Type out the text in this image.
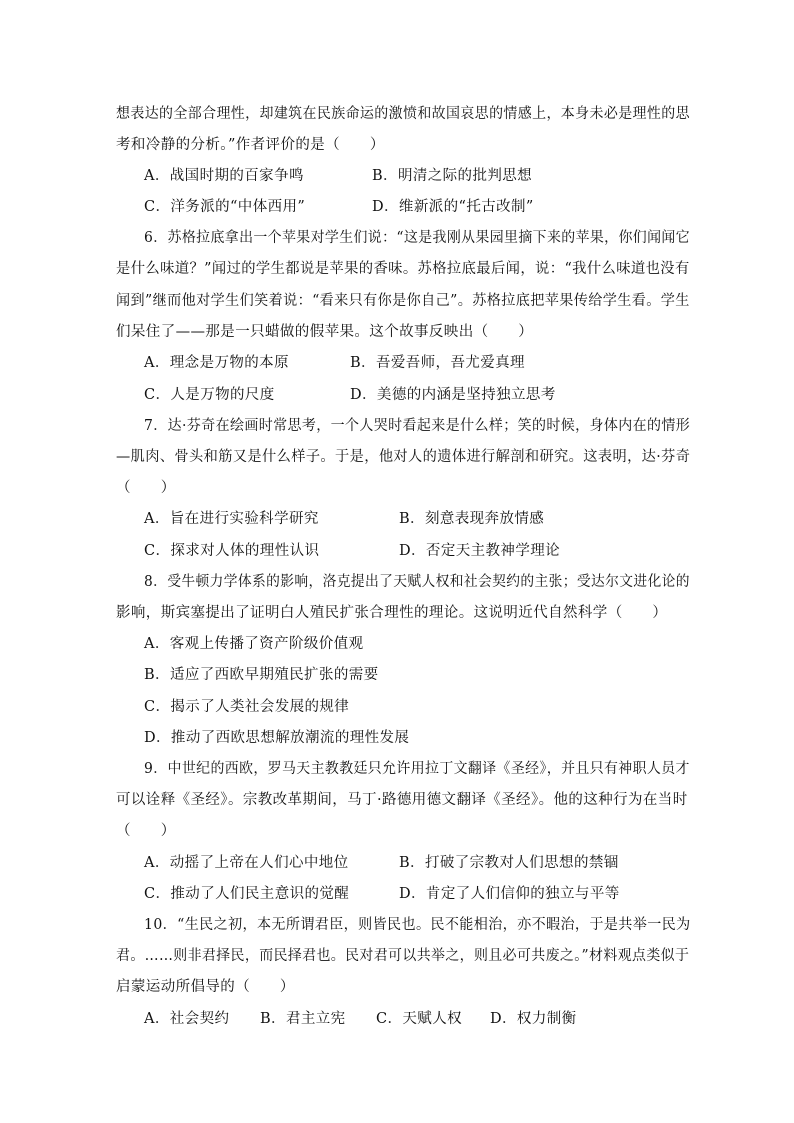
想表达的全部合理性，却建筑在民族命运的激愤和故国哀思的情感上，本身未必是理性的思
考和冷静的分析。”作者评价的是（　　）
A．战国时期的百家争鸣	B．明清之际的批判思想
C．洋务派的“中体西用”	D．维新派的“托古改制”
6．苏格拉底拿出一个苹果对学生们说：“这是我刚从果园里摘下来的苹果，你们闻闻它
是什么味道？”闻过的学生都说是苹果的香味。苏格拉底最后闻，说：“我什么味道也没有
闻到”继而他对学生们笑着说：“看来只有你是你自己”。苏格拉底把苹果传给学生看。学生
们呆住了——那是一只蜡做的假苹果。这个故事反映出（　　）
A．理念是万物的本原	B．吾爱吾师，吾尤爱真理
C．人是万物的尺度	D．美德的内涵是坚持独立思考
7．达·芬奇在绘画时常思考，一个人哭时看起来是什么样；笑的时候，身体内在的情形
—肌肉、骨头和筋又是什么样子。于是，他对人的遗体进行解剖和研究。这表明，达·芬奇
（　　）
A．旨在进行实验科学研究	B．刻意表现奔放情感
C．探求对人体的理性认识	D．否定天主教神学理论
8．受牛顿力学体系的影响，洛克提出了天赋人权和社会契约的主张；受达尔文进化论的
影响，斯宾塞提出了证明白人殖民扩张合理性的理论。这说明近代自然科学（　　）
A．客观上传播了资产阶级价值观
B．适应了西欧早期殖民扩张的需要
C．揭示了人类社会发展的规律
D．推动了西欧思想解放潮流的理性发展
9．中世纪的西欧，罗马天主教教廷只允许用拉丁文翻译《圣经》，并且只有神职人员才
可以诠释《圣经》。宗教改革期间，马丁·路德用德文翻译《圣经》。他的这种行为在当时
（　　）
A．动摇了上帝在人们心中地位	B．打破了宗教对人们思想的禁锢
C．推动了人们民主意识的觉醒	D．肯定了人们信仰的独立与平等
10．“生民之初，本无所谓君臣，则皆民也。民不能相治，亦不暇治，于是共举一民为
君。……则非君择民，而民择君也。民对君可以共举之，则且必可共废之。”材料观点类似于
启蒙运动所倡导的（　　）
A．社会契约 B．君主立宪 C．天赋人权 D．权力制衡
